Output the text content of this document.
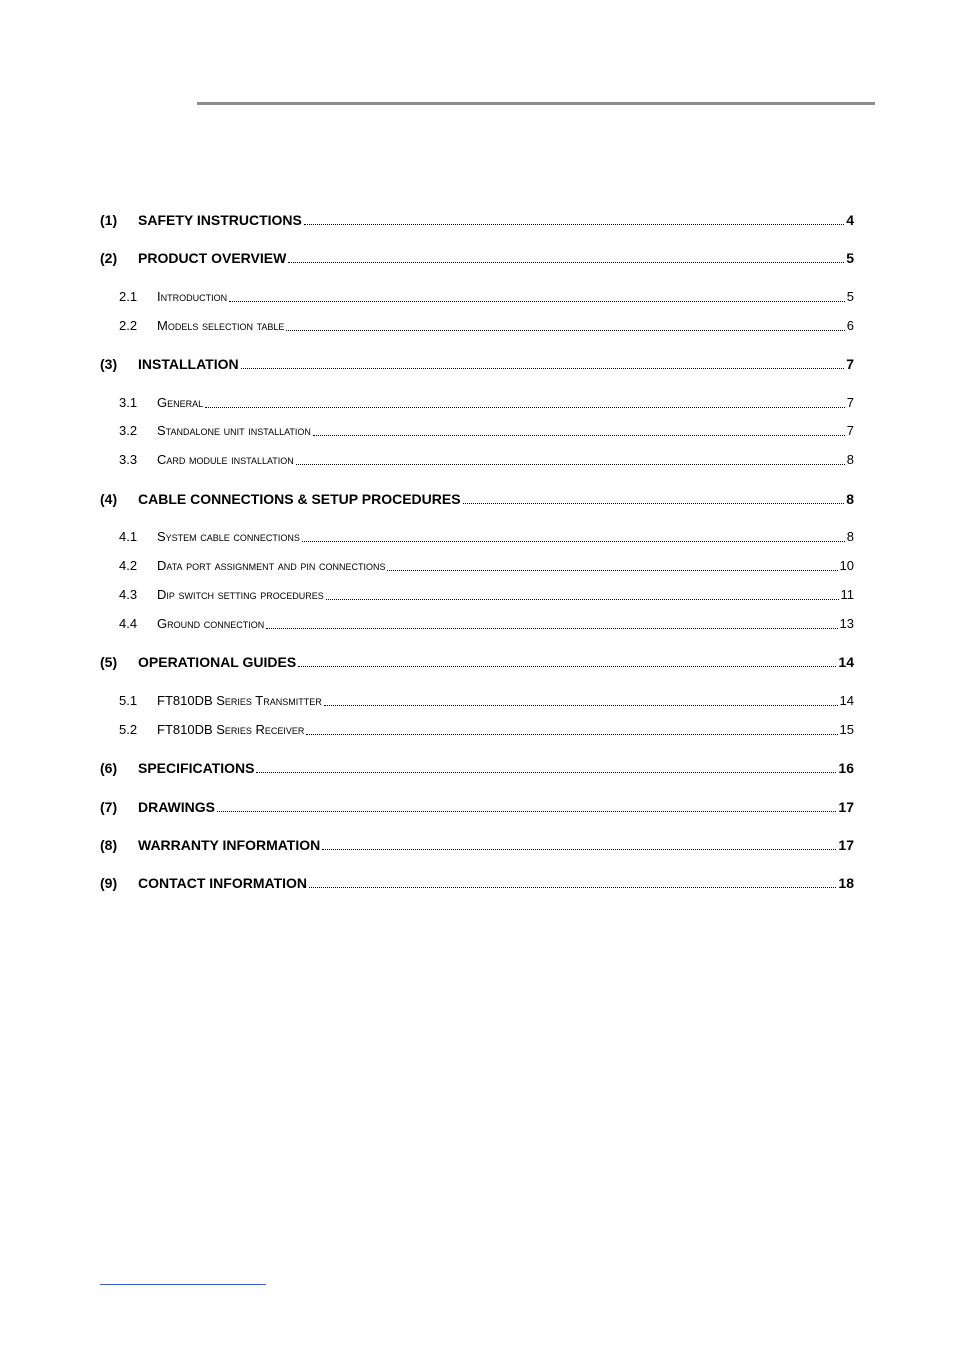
(1)	SAFETY INSTRUCTIONS	4
(2)	PRODUCT OVERVIEW	5
2.1	Introduction	5
2.2	Models selection table	6
(3)	INSTALLATION	7
3.1	General	7
3.2	Standalone unit installation	7
3.3	Card module installation	8
(4)	CABLE CONNECTIONS & SETUP PROCEDURES	8
4.1	System cable connections	8
4.2	Data port assignment and pin connections	10
4.3	Dip switch setting procedures	11
4.4	Ground connection	13
(5)	OPERATIONAL GUIDES	14
5.1	FT810DB Series Transmitter	14
5.2	FT810DB Series Receiver	15
(6)	SPECIFICATIONS	16
(7)	DRAWINGS	17
(8)	WARRANTY INFORMATION	17
(9)	CONTACT INFORMATION	18
